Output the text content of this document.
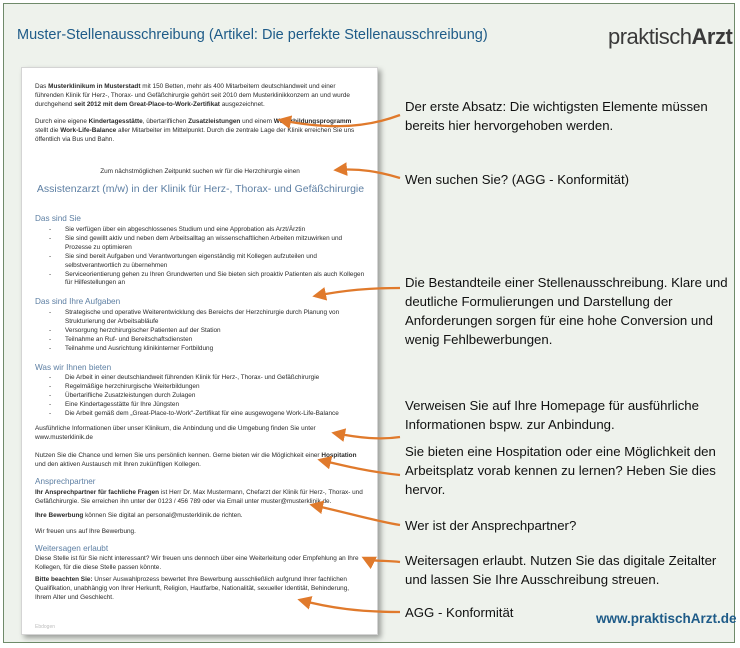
Muster-Stellenausschreibung (Artikel: Die perfekte Stellenausschreibung)	praktischArzt

Das Musterklinikum in Musterstadt mit 150 Betten, mehr als 400 Mitarbeitern deutschlandweit und einer führenden Klinik für Herz-, Thorax- und Gefäßchirurgie gehört seit 2010 dem Musterklinikkonzern an und wurde durchgehend seit 2012 mit dem Great-Place-to-Work-Zertifikat ausgezeichnet.

Durch eine eigene Kindertagesstätte, übertariflichen Zusatzleistungen und einem Weiterbildungsprogramm stellt die Work-Life-Balance aller Mitarbeiter im Mittelpunkt. Durch die zentrale Lage der Klinik erreichen Sie uns öffentlich via Bus und Bahn.

Zum nächstmöglichen Zeitpunkt suchen wir für die Herzchirurgie einen

Assistenzarzt (m/w) in der Klinik für Herz-, Thorax- und Gefäßchirurgie
Das sind Sie
- Sie verfügen über ein abgeschlossenes Studium und eine Approbation als Arzt/Ärztin
- Sie sind gewillt aktiv und neben dem Arbeitsalltag an wissenschaftlichen Arbeiten mitzuwirken und Prozesse zu optimieren
- Sie sind bereit Aufgaben und Verantwortungen eigenständig mit Kollegen aufzuteilen und selbstverantwortlich zu übernehmen
- Serviceorientierung gehen zu Ihren Grundwerten und Sie bieten sich proaktiv Patienten als auch Kollegen für Hilfestellungen an
Das sind Ihre Aufgaben
- Strategische und operative Weiterentwicklung des Bereichs der Herzchirurgie durch Planung von Strukturierung der Arbeitsabläufe
- Versorgung herzchirurgischer Patienten auf der Station
- Teilnahme an Ruf- und Bereitschaftsdiensten
- Teilnahme und Ausrichtung klinikinterner Fortbildung
Was wir Ihnen bieten
- Die Arbeit in einer deutschlandweit führenden Klinik für Herz-, Thorax- und Gefäßchirurgie
- Regelmäßige herzchirurgische Weiterbildungen
- Übertarifliche Zusatzleistungen durch Zulagen
- Eine Kindertagesstätte für Ihre Jüngsten
- Die Arbeit gemäß dem „Great-Place-to-Work"-Zertifikat für eine ausgewogene Work-Life-Balance

Ausführliche Informationen über unser Klinikum, die Anbindung und die Umgebung finden Sie unter www.musterklinik.de

Nutzen Sie die Chance und lernen Sie uns persönlich kennen. Gerne bieten wir die Möglichkeit einer Hospitation und den aktiven Austausch mit Ihren zukünftigen Kollegen.

Ansprechpartner

Ihr Ansprechpartner für fachliche Fragen ist Herr Dr. Max Mustermann, Chefarzt der Klinik für Herz-, Thorax- und Gefäßchirurgie. Sie erreichen ihn unter der 0123 / 456 789 oder via Email unter muster@musterklinik.de.

Ihre Bewerbung können Sie digital an personal@musterklinik.de richten.

Wir freuen uns auf Ihre Bewerbung.

Weitersagen erlaubt

Diese Stelle ist für Sie nicht interessant? Wir freuen uns dennoch über eine Weiterleitung oder Empfehlung an Ihre Kollegen, für die diese Stelle passen könnte.

Bitte beachten Sie: Unser Auswahlprozess bewertet Ihre Bewerbung ausschließlich aufgrund Ihrer fachlichen Qualifikation, unabhängig von Ihrer Herkunft, Religion, Hautfarbe, Nationalität, sexueller Identität, Behinderung, Ihrem Alter und Geschlecht.

Ebdogen

Der erste Absatz: Die wichtigsten Elemente müssen bereits hier hervorgehoben werden.

Wen suchen Sie? (AGG - Konformität)

Die Bestandteile einer Stellenausschreibung. Klare und deutliche Formulierungen und Darstellung der Anforderungen sorgen für eine hohe Conversion und wenig Fehlbewerbungen.

Verweisen Sie auf Ihre Homepage für ausführliche Informationen bspw. zur Anbindung.

Sie bieten eine Hospitation oder eine Möglichkeit den Arbeitsplatz vorab kennen zu lernen? Heben Sie dies hervor.

Wer ist der Ansprechpartner?

Weitersagen erlaubt. Nutzen Sie das digitale Zeitalter und lassen Sie Ihre Ausschreibung streuen.

AGG - Konformität	www.praktischArzt.de
